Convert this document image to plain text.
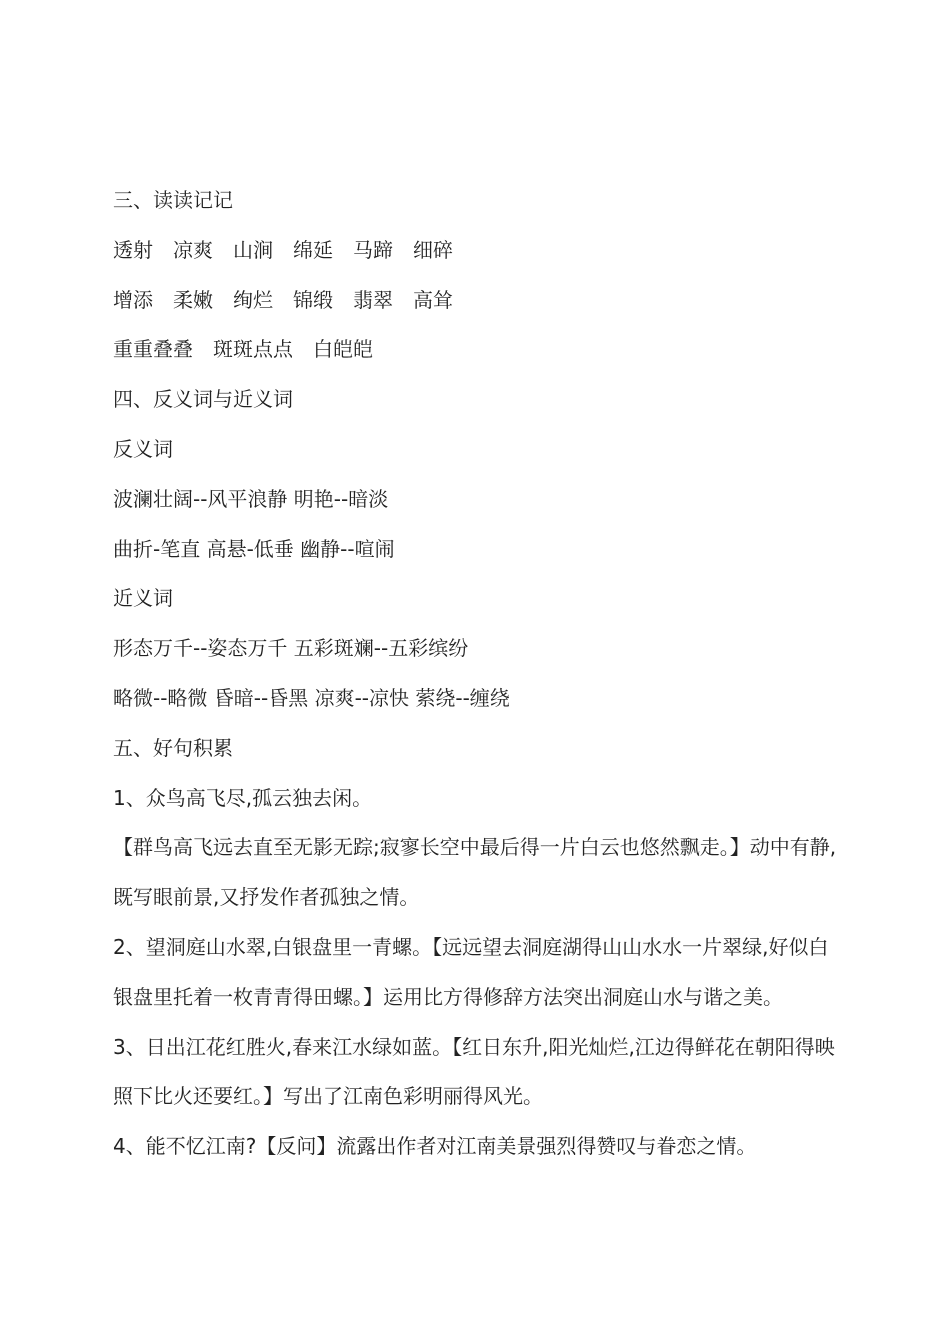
三、读读记记
透射　凉爽　山涧　绵延　马蹄　细碎
增添　柔嫩　绚烂　锦缎　翡翠　高耸
重重叠叠　斑斑点点　白皑皑
四、反义词与近义词
反义词
波澜壮阔--风平浪静 明艳--暗淡
曲折-笔直 高悬-低垂 幽静--喧闹
近义词
形态万千--姿态万千 五彩斑斓--五彩缤纷
略微--略微 昏暗--昏黑 凉爽--凉快 萦绕--缠绕
五、好句积累
1、众鸟高飞尽,孤云独去闲。
【群鸟高飞远去直至无影无踪;寂寥长空中最后得一片白云也悠然飘走。】动中有静,
既写眼前景,又抒发作者孤独之情。
2、望洞庭山水翠,白银盘里一青螺。【远远望去洞庭湖得山山水水一片翠绿,好似白
银盘里托着一枚青青得田螺。】运用比方得修辞方法突出洞庭山水与谐之美。
3、日出江花红胜火,春来江水绿如蓝。【红日东升,阳光灿烂,江边得鲜花在朝阳得映
照下比火还要红。】写出了江南色彩明丽得风光。
4、能不忆江南?【反问】流露出作者对江南美景强烈得赞叹与眷恋之情。
